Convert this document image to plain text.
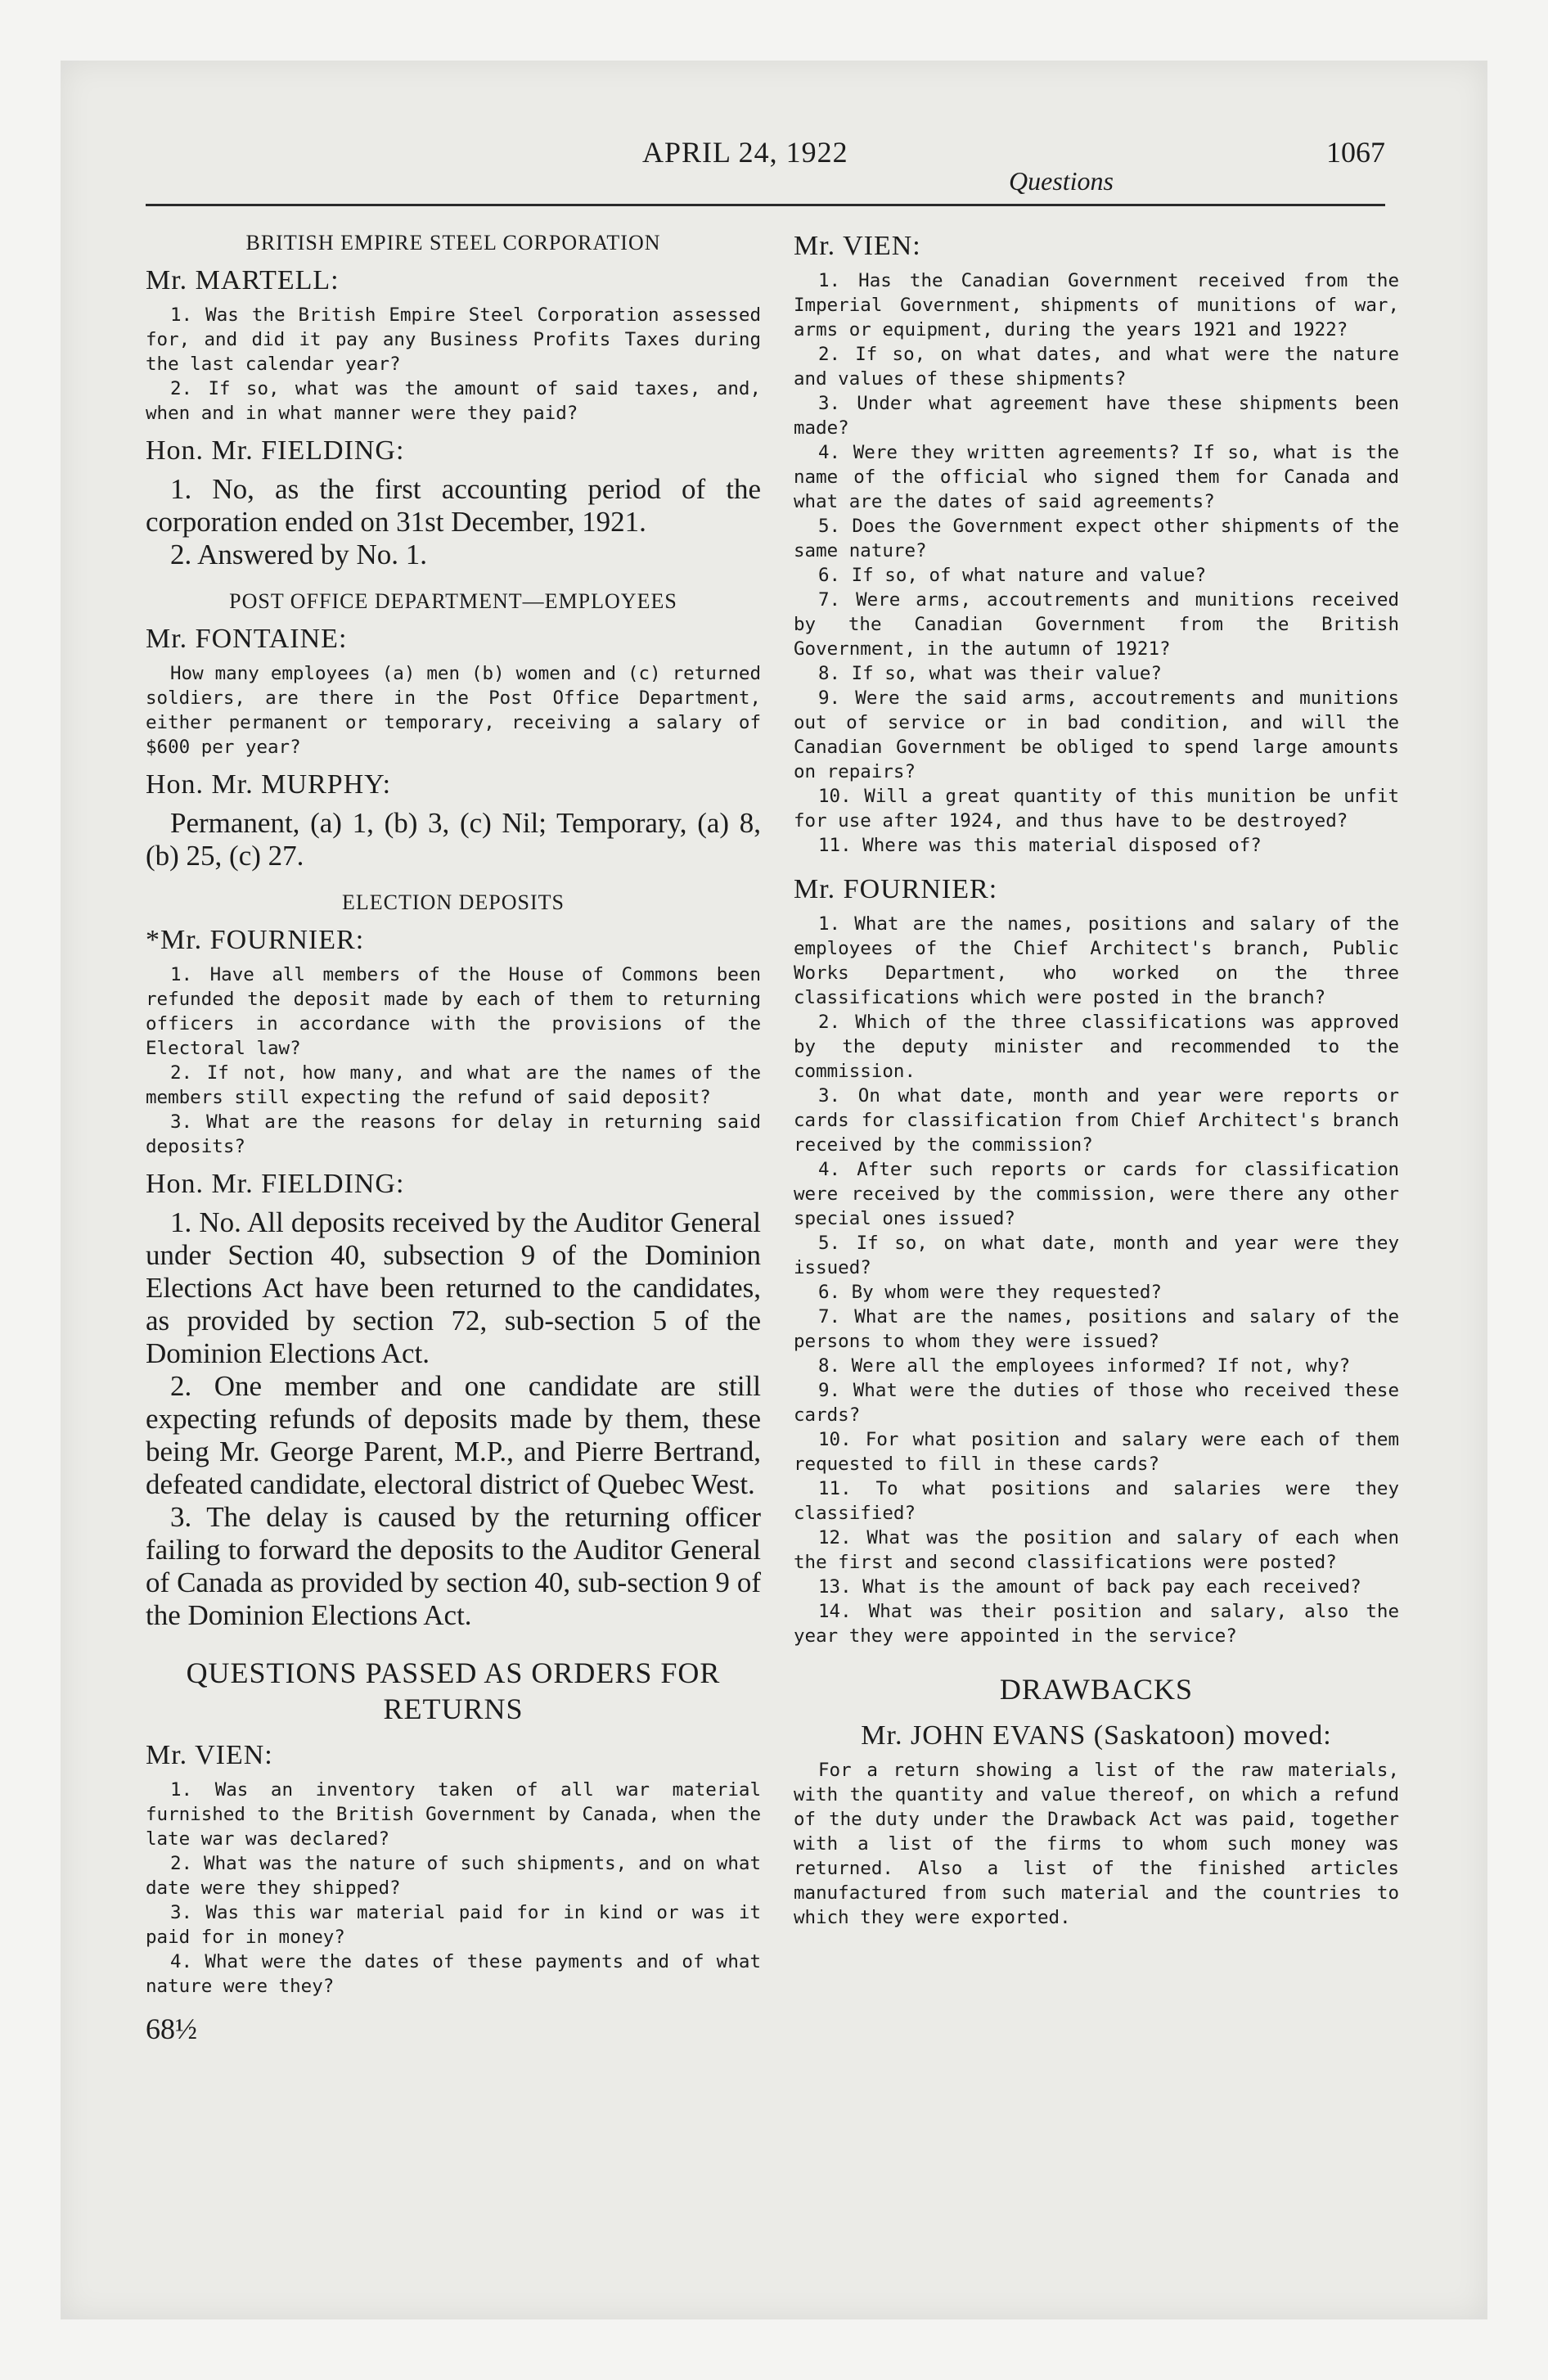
APRIL 24, 1922	1067
Questions
BRITISH EMPIRE STEEL CORPORATION
Mr. MARTELL:

1. Was the British Empire Steel Corporation assessed for, and did it pay any Business Profits Taxes during the last calendar year?

2. If so, what was the amount of said taxes, and, when and in what manner were they paid?

Hon. Mr. FIELDING:

1. No, as the first accounting period of the corporation ended on 31st December, 1921.

2. Answered by No. 1.

POST OFFICE DEPARTMENT—EMPLOYEES
Mr. FONTAINE:

How many employees (a) men (b) women and (c) returned soldiers, are there in the Post Office Department, either permanent or temporary, receiving a salary of $600 per year?

Hon. Mr. MURPHY:

Permanent, (a) 1, (b) 3, (c) Nil; Temporary, (a) 8, (b) 25, (c) 27.

ELECTION DEPOSITS
*Mr. FOURNIER:

1. Have all members of the House of Commons been refunded the deposit made by each of them to returning officers in accordance with the provisions of the Electoral law?

2. If not, how many, and what are the names of the members still expecting the refund of said deposit?

3. What are the reasons for delay in returning said deposits?

Hon. Mr. FIELDING:

1. No. All deposits received by the Auditor General under Section 40, subsection 9 of the Dominion Elections Act have been returned to the candidates, as provided by section 72, sub-section 5 of the Dominion Elections Act.

2. One member and one candidate are still expecting refunds of deposits made by them, these being Mr. George Parent, M.P., and Pierre Bertrand, defeated candidate, electoral district of Quebec West.

3. The delay is caused by the returning officer failing to forward the deposits to the Auditor General of Canada as provided by section 40, sub-section 9 of the Dominion Elections Act.

QUESTIONS PASSED AS ORDERS FOR RETURNS
Mr. VIEN:

1. Was an inventory taken of all war material furnished to the British Government by Canada, when the late war was declared?

2. What was the nature of such shipments, and on what date were they shipped?

3. Was this war material paid for in kind or was it paid for in money?

4. What were the dates of these payments and of what nature were they?

68½
Mr. VIEN:

1. Has the Canadian Government received from the Imperial Government, shipments of munitions of war, arms or equipment, during the years 1921 and 1922?

2. If so, on what dates, and what were the nature and values of these shipments?

3. Under what agreement have these shipments been made?

4. Were they written agreements? If so, what is the name of the official who signed them for Canada and what are the dates of said agreements?

5. Does the Government expect other shipments of the same nature?

6. If so, of what nature and value?

7. Were arms, accoutrements and munitions received by the Canadian Government from the British Government, in the autumn of 1921?

8. If so, what was their value?

9. Were the said arms, accoutrements and munitions out of service or in bad condition, and will the Canadian Government be obliged to spend large amounts on repairs?

10. Will a great quantity of this munition be unfit for use after 1924, and thus have to be destroyed?

11. Where was this material disposed of?

Mr. FOURNIER:

1. What are the names, positions and salary of the employees of the Chief Architect's branch, Public Works Department, who worked on the three classifications which were posted in the branch?

2. Which of the three classifications was approved by the deputy minister and recommended to the commission.

3. On what date, month and year were reports or cards for classification from Chief Architect's branch received by the commission?

4. After such reports or cards for classification were received by the commission, were there any other special ones issued?

5. If so, on what date, month and year were they issued?

6. By whom were they requested?

7. What are the names, positions and salary of the persons to whom they were issued?

8. Were all the employees informed? If not, why?

9. What were the duties of those who received these cards?

10. For what position and salary were each of them requested to fill in these cards?

11. To what positions and salaries were they classified?

12. What was the position and salary of each when the first and second classifications were posted?

13. What is the amount of back pay each received?

14. What was their position and salary, also the year they were appointed in the service?

DRAWBACKS
Mr. JOHN EVANS (Saskatoon) moved:

For a return showing a list of the raw materials, with the quantity and value thereof, on which a refund of the duty under the Drawback Act was paid, together with a list of the firms to whom such money was returned. Also a list of the finished articles manufactured from such material and the countries to which they were exported.
